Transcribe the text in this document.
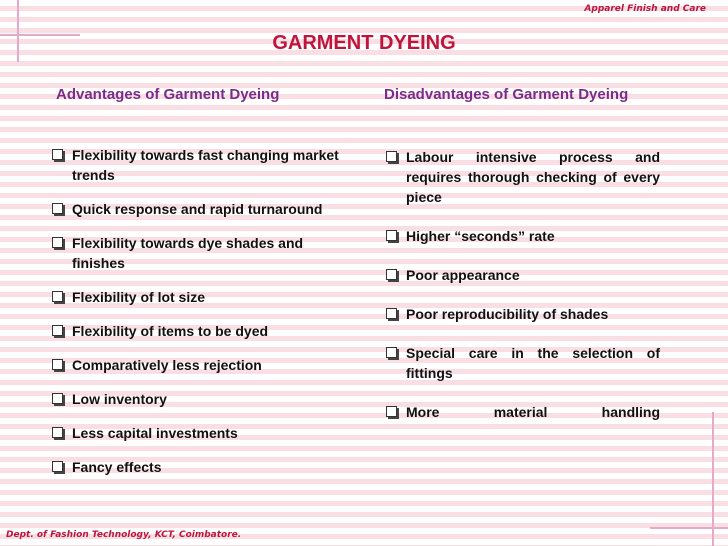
Apparel Finish and Care
GARMENT DYEING
Advantages of Garment Dyeing	Disadvantages of Garment Dyeing
Flexibility towards fast changing market trends
Quick response and rapid turnaround
Flexibility towards dye shades and finishes
Flexibility of lot size
Flexibility of items to be dyed
Comparatively less rejection
Low inventory
Less capital investments
Fancy effects
Labour intensive process and requires thorough checking of every piece
Higher “seconds” rate
Poor appearance
Poor reproducibility of shades
Special care in the selection of fittings
More material handling
Dept. of Fashion Technology, KCT, Coimbatore.
